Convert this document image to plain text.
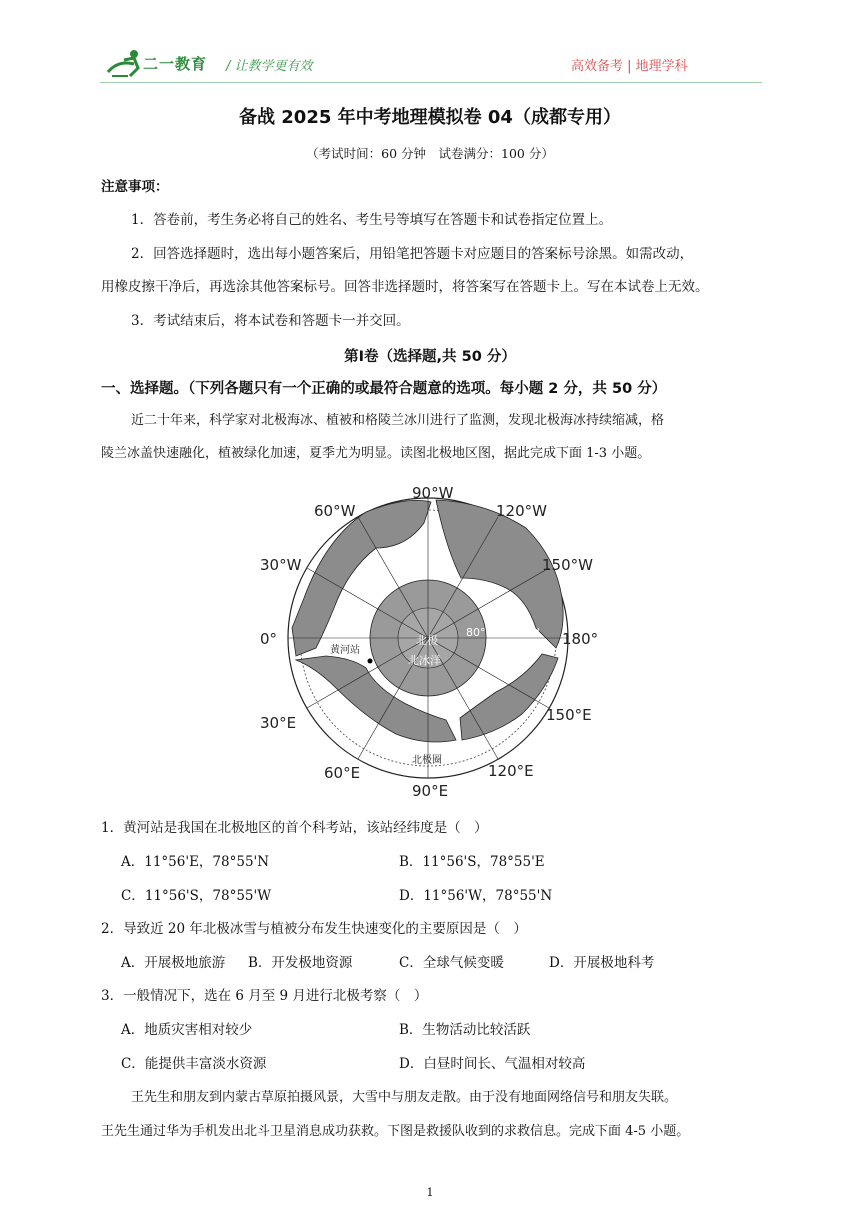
二一教育 / 让教学更有效	高效备考 | 地理学科
备战 2025 年中考地理模拟卷 04（成都专用）
（考试时间：60 分钟　试卷满分：100 分）
注意事项：
1．答卷前，考生务必将自己的姓名、考生号等填写在答题卡和试卷指定位置上。
2．回答选择题时，选出每小题答案后，用铅笔把答题卡对应题目的答案标号涂黑。如需改动，
用橡皮擦干净后，再选涂其他答案标号。回答非选择题时，将答案写在答题卡上。写在本试卷上无效。
3．考试结束后，将本试卷和答题卡一并交回。
第Ⅰ卷（选择题,共 50 分）
一、选择题。（下列各题只有一个正确的或最符合题意的选项。每小题 2 分，共 50 分）
近二十年来，科学家对北极海冰、植被和格陵兰冰川进行了监测，发现北极海冰持续缩减，格
陵兰冰盖快速融化，植被绿化加速，夏季尤为明显。读图北极地区图，据此完成下面 1-3 小题。
90°W
120°W
60°W
150°W
30°W
0°	180°
30°E	150°E
60°E	120°E
90°E
80°N 70°N
北极
北冰洋
黄河站
北极圈
1．黄河站是我国在北极地区的首个科考站，该站经纬度是（　）
A．11°56'E，78°55'N	B．11°56'S，78°55'E
C．11°56'S，78°55'W	D．11°56'W，78°55'N
2．导致近 20 年北极冰雪与植被分布发生快速变化的主要原因是（　）
A．开展极地旅游 B．开发极地资源	C．全球气候变暖	D．开展极地科考
3．一般情况下，选在 6 月至 9 月进行北极考察（　）
A．地质灾害相对较少	B．生物活动比较活跃
C．能提供丰富淡水资源	D．白昼时间长、气温相对较高
王先生和朋友到内蒙古草原拍摄风景，大雪中与朋友走散。由于没有地面网络信号和朋友失联。
王先生通过华为手机发出北斗卫星消息成功获救。下图是救援队收到的求救信息。完成下面 4-5 小题。
1
